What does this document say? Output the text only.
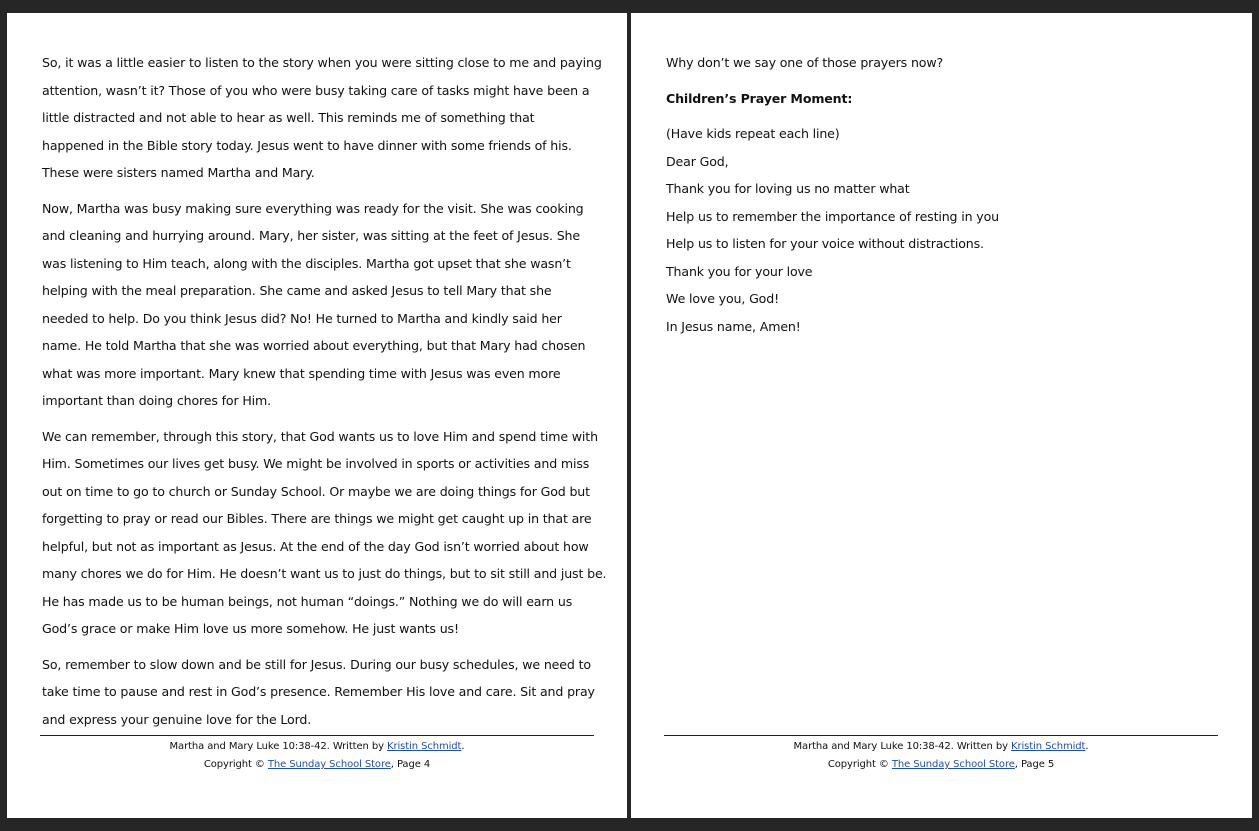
So, it was a little easier to listen to the story when you were sitting close to me and paying
attention, wasn’t it? Those of you who were busy taking care of tasks might have been a
little distracted and not able to hear as well. This reminds me of something that
happened in the Bible story today. Jesus went to have dinner with some friends of his.
These were sisters named Martha and Mary.

Now, Martha was busy making sure everything was ready for the visit. She was cooking
and cleaning and hurrying around. Mary, her sister, was sitting at the feet of Jesus. She
was listening to Him teach, along with the disciples. Martha got upset that she wasn’t
helping with the meal preparation. She came and asked Jesus to tell Mary that she
needed to help. Do you think Jesus did? No! He turned to Martha and kindly said her
name. He told Martha that she was worried about everything, but that Mary had chosen
what was more important. Mary knew that spending time with Jesus was even more
important than doing chores for Him.

We can remember, through this story, that God wants us to love Him and spend time with
Him. Sometimes our lives get busy. We might be involved in sports or activities and miss
out on time to go to church or Sunday School. Or maybe we are doing things for God but
forgetting to pray or read our Bibles. There are things we might get caught up in that are
helpful, but not as important as Jesus. At the end of the day God isn’t worried about how
many chores we do for Him. He doesn’t want us to just do things, but to sit still and just be.
He has made us to be human beings, not human “doings.” Nothing we do will earn us
God’s grace or make Him love us more somehow. He just wants us!

So, remember to slow down and be still for Jesus. During our busy schedules, we need to
take time to pause and rest in God’s presence. Remember His love and care. Sit and pray
and express your genuine love for the Lord.

Martha and Mary Luke 10:38-42. Written by Kristin Schmidt.
Copyright © The Sunday School Store, Page 4
Why don’t we say one of those prayers now?
Children’s Prayer Moment:
(Have kids repeat each line)
Dear God,
Thank you for loving us no matter what
Help us to remember the importance of resting in you
Help us to listen for your voice without distractions.
Thank you for your love
We love you, God!
In Jesus name, Amen!
Martha and Mary Luke 10:38-42. Written by Kristin Schmidt.
Copyright © The Sunday School Store, Page 5
